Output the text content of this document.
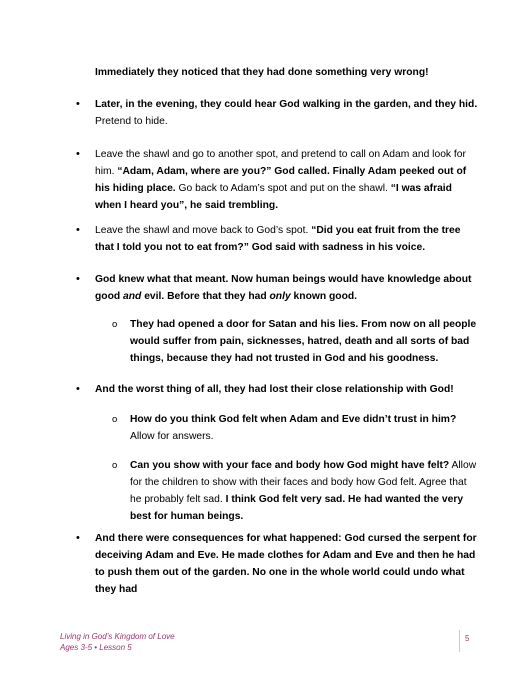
Immediately they noticed that they had done something very wrong!

• Later, in the evening, they could hear God walking in the garden, and they hid. Pretend to hide.

• Leave the shawl and go to another spot, and pretend to call on Adam and look for him. “Adam, Adam, where are you?” God called. Finally Adam peeked out of his hiding place. Go back to Adam’s spot and put on the shawl. “I was afraid when I heard you”, he said trembling.

• Leave the shawl and move back to God’s spot. “Did you eat fruit from the tree that I told you not to eat from?” God said with sadness in his voice.

• God knew what that meant. Now human beings would have knowledge about good and evil. Before that they had only known good.

o They had opened a door for Satan and his lies. From now on all people would suffer from pain, sicknesses, hatred, death and all sorts of bad things, because they had not trusted in God and his goodness.

• And the worst thing of all, they had lost their close relationship with God!

o How do you think God felt when Adam and Eve didn’t trust in him? Allow for answers.

o Can you show with your face and body how God might have felt? Allow for the children to show with their faces and body how God felt. Agree that he probably felt sad. I think God felt very sad. He had wanted the very best for human beings.

• And there were consequences for what happened: God cursed the serpent for deceiving Adam and Eve. He made clothes for Adam and Eve and then he had to push them out of the garden. No one in the whole world could undo what they had

Living in God’s Kingdom of Love
Ages 3-5 • Lesson 5
5
